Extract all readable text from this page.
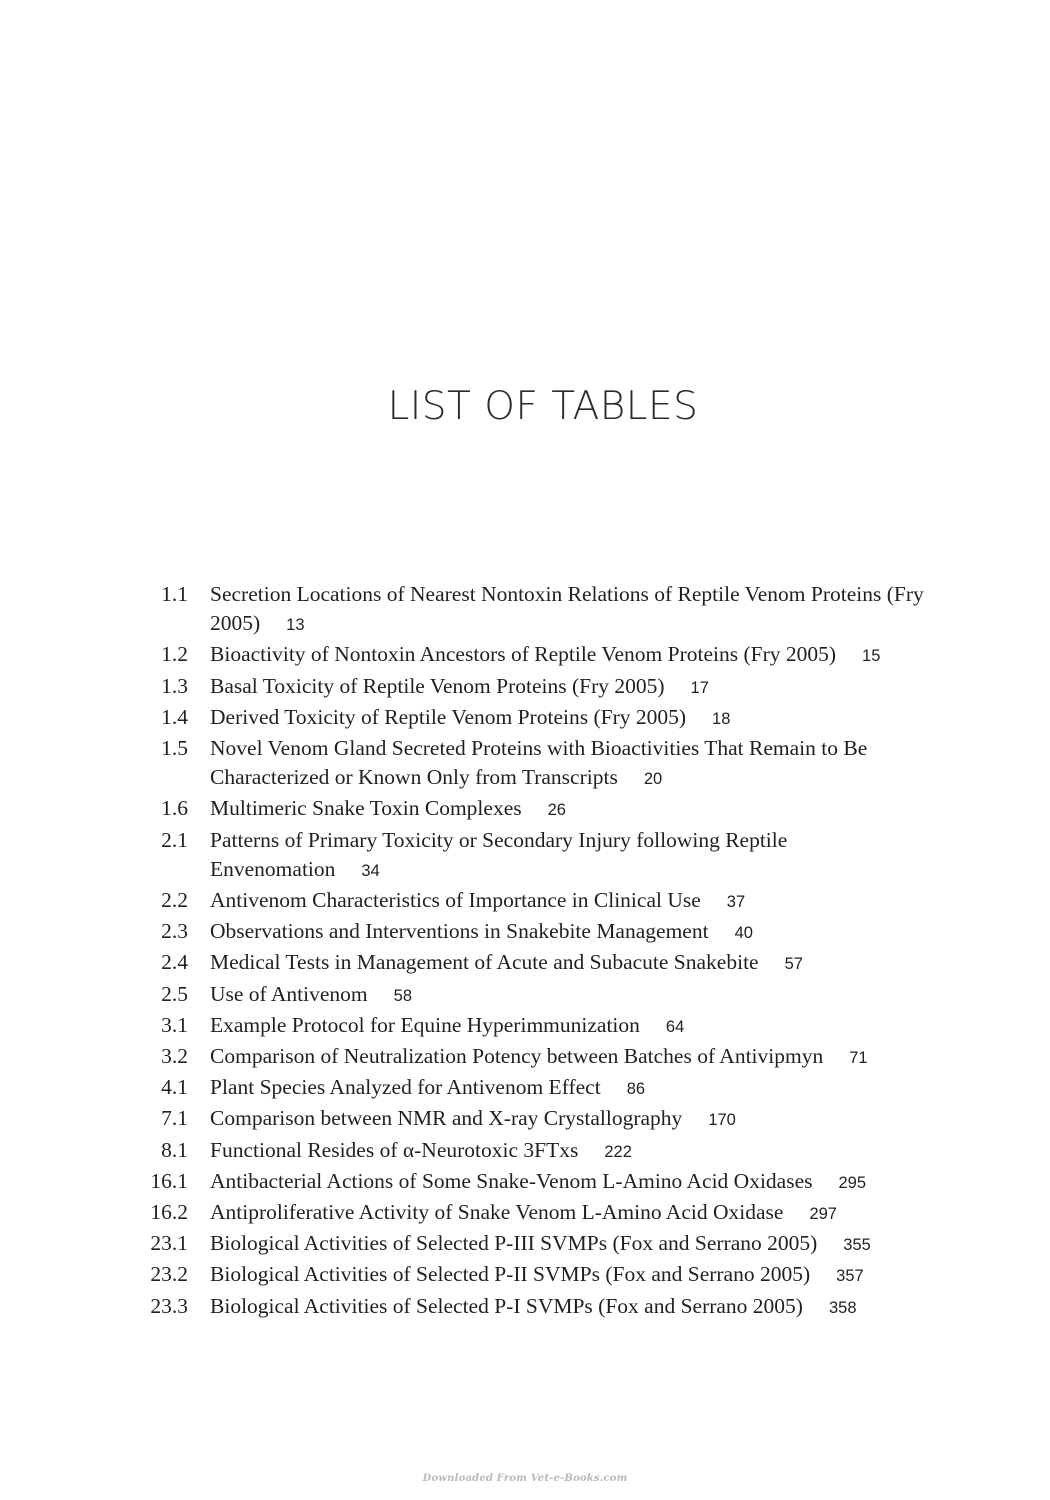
LIST OF TABLES
1.1	Secretion Locations of Nearest Nontoxin Relations of Reptile Venom Proteins (Fry 2005) 13
1.2	Bioactivity of Nontoxin Ancestors of Reptile Venom Proteins (Fry 2005) 15
1.3	Basal Toxicity of Reptile Venom Proteins (Fry 2005) 17
1.4	Derived Toxicity of Reptile Venom Proteins (Fry 2005) 18
1.5	Novel Venom Gland Secreted Proteins with Bioactivities That Remain to Be Characterized or Known Only from Transcripts 20
1.6	Multimeric Snake Toxin Complexes 26
2.1	Patterns of Primary Toxicity or Secondary Injury following Reptile Envenomation 34
2.2	Antivenom Characteristics of Importance in Clinical Use 37
2.3	Observations and Interventions in Snakebite Management 40
2.4	Medical Tests in Management of Acute and Subacute Snakebite 57
2.5	Use of Antivenom 58
3.1	Example Protocol for Equine Hyperimmunization 64
3.2	Comparison of Neutralization Potency between Batches of Antivipmyn 71
4.1	Plant Species Analyzed for Antivenom Effect 86
7.1	Comparison between NMR and X-ray Crystallography 170
8.1	Functional Resides of α-Neurotoxic 3FTxs 222
16.1	Antibacterial Actions of Some Snake-Venom L-Amino Acid Oxidases 295
16.2	Antiproliferative Activity of Snake Venom L-Amino Acid Oxidase 297
23.1	Biological Activities of Selected P-III SVMPs (Fox and Serrano 2005) 355
23.2	Biological Activities of Selected P-II SVMPs (Fox and Serrano 2005) 357
23.3	Biological Activities of Selected P-I SVMPs (Fox and Serrano 2005) 358
Downloaded From Vet-e-Books.com
